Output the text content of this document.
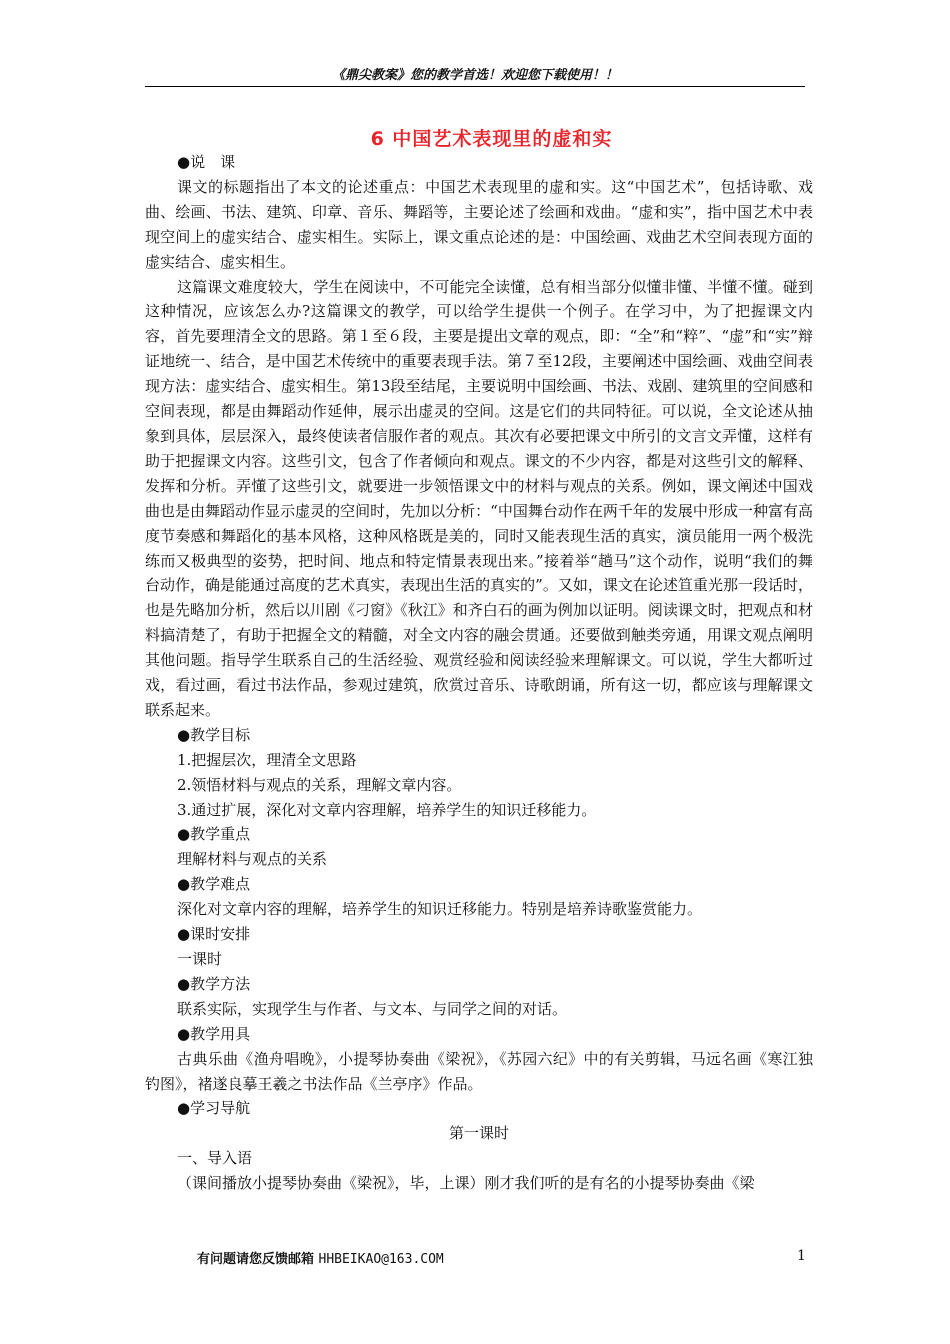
《鼎尖教案》您的教学首选！欢迎您下载使用！！
6 中国艺术表现里的虚和实

●说　课

课文的标题指出了本文的论述重点：中国艺术表现里的虚和实。这“中国艺术”，包括诗歌、戏曲、绘画、书法、建筑、印章、音乐、舞蹈等，主要论述了绘画和戏曲。“虚和实”，指中国艺术中表现空间上的虚实结合、虚实相生。实际上，课文重点论述的是：中国绘画、戏曲艺术空间表现方面的虚实结合、虚实相生。

这篇课文难度较大，学生在阅读中，不可能完全读懂，总有相当部分似懂非懂、半懂不懂。碰到这种情况，应该怎么办?这篇课文的教学，可以给学生提供一个例子。在学习中，为了把握课文内容，首先要理清全文的思路。第１至６段，主要是提出文章的观点，即：“全”和“粹”、“虚”和“实”辩证地统一、结合，是中国艺术传统中的重要表现手法。第７至12段，主要阐述中国绘画、戏曲空间表现方法：虚实结合、虚实相生。第13段至结尾，主要说明中国绘画、书法、戏剧、建筑里的空间感和空间表现，都是由舞蹈动作延伸，展示出虚灵的空间。这是它们的共同特征。可以说，全文论述从抽象到具体，层层深入，最终使读者信服作者的观点。其次有必要把课文中所引的文言文弄懂，这样有助于把握课文内容。这些引文，包含了作者倾向和观点。课文的不少内容，都是对这些引文的解释、发挥和分析。弄懂了这些引文，就要进一步领悟课文中的材料与观点的关系。例如，课文阐述中国戏曲也是由舞蹈动作显示虚灵的空间时，先加以分析：“中国舞台动作在两千年的发展中形成一种富有高度节奏感和舞蹈化的基本风格，这种风格既是美的，同时又能表现生活的真实，演员能用一两个极洗练而又极典型的姿势，把时间、地点和特定情景表现出来。”接着举“趟马”这个动作，说明“我们的舞台动作，确是能通过高度的艺术真实，表现出生活的真实的”。又如，课文在论述笪重光那一段话时，也是先略加分析，然后以川剧《刁窗》《秋江》和齐白石的画为例加以证明。阅读课文时，把观点和材料搞清楚了，有助于把握全文的精髓，对全文内容的融会贯通。还要做到触类旁通，用课文观点阐明其他问题。指导学生联系自己的生活经验、观赏经验和阅读经验来理解课文。可以说，学生大都听过戏，看过画，看过书法作品，参观过建筑，欣赏过音乐、诗歌朗诵，所有这一切，都应该与理解课文联系起来。

●教学目标

1.把握层次，理清全文思路

2.领悟材料与观点的关系，理解文章内容。

3.通过扩展，深化对文章内容理解，培养学生的知识迁移能力。

●教学重点

理解材料与观点的关系

●教学难点

深化对文章内容的理解，培养学生的知识迁移能力。特别是培养诗歌鉴赏能力。

●课时安排

一课时

●教学方法

联系实际，实现学生与作者、与文本、与同学之间的对话。

●教学用具

古典乐曲《渔舟唱晚》，小提琴协奏曲《梁祝》，《苏园六纪》中的有关剪辑，马远名画《寒江独钓图》，褚遂良摹王羲之书法作品《兰亭序》作品。

●学习导航

第一课时

一、导入语

（课间播放小提琴协奏曲《梁祝》，毕，上课）刚才我们听的是有名的小提琴协奏曲《梁

有问题请您反馈邮箱 HHBEIKAO@163.COM	1
